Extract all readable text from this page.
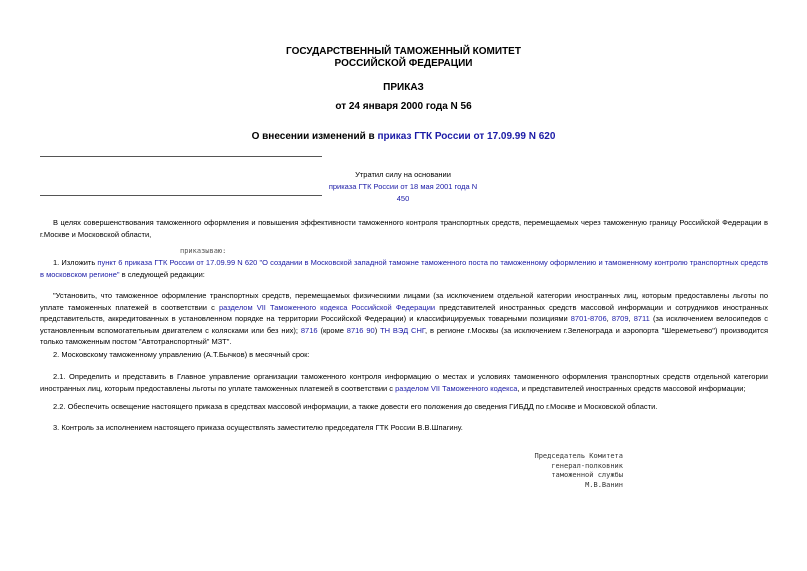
ГОСУДАРСТВЕННЫЙ ТАМОЖЕННЫЙ КОМИТЕТ
РОССИЙСКОЙ ФЕДЕРАЦИИ
ПРИКАЗ
от 24 января 2000 года N 56
О внесении изменений в приказ ГТК России от 17.09.99 N 620
Утратил силу на основании
приказа ГТК России от 18 мая 2001 года N 450
В целях совершенствования таможенного оформления и повышения эффективности таможенного контроля транспортных средств, перемещаемых через таможенную границу Российской Федерации в г.Москве и Московской области,
приказываю:
1. Изложить пункт 6 приказа ГТК России от 17.09.99 N 620 "О создании в Московской западной таможне таможенного поста по таможенному оформлению и таможенному контролю транспортных средств в московском регионе" в следующей редакции:
"Установить, что таможенное оформление транспортных средств, перемещаемых физическими лицами (за исключением отдельной категории иностранных лиц, которым предоставлены льготы по уплате таможенных платежей в соответствии с разделом VII Таможенного кодекса Российской Федерации представителей иностранных средств массовой информации и сотрудников иностранных представительств, аккредитованных в установленном порядке на территории Российской Федерации) и классифицируемых товарными позициями 8701-8706, 8709, 8711 (за исключением велосипедов с установленным вспомогательным двигателем с колясками или без них); 8716 (кроме 8716 90) ТН ВЭД СНГ, в регионе г.Москвы (за исключением г.Зеленограда и аэропорта "Шереметьево") производится только таможенным постом "Автотранспортный" МЗТ".
2. Московскому таможенному управлению (А.Т.Бычков) в месячный срок:
2.1. Определить и представить в Главное управление организации таможенного контроля информацию о местах и условиях таможенного оформления транспортных средств отдельной категории иностранных лиц, которым предоставлены льготы по уплате таможенных платежей в соответствии с разделом VII Таможенного кодекса, и представителей иностранных средств массовой информации;
2.2. Обеспечить освещение настоящего приказа в средствах массовой информации, а также довести его положения до сведения ГИБДД по г.Москве и Московской области.
3. Контроль за исполнением настоящего приказа осуществлять заместителю председателя ГТК России В.В.Шпагину.
Председатель Комитета
генерал-полковник
таможенной службы
М.В.Ванин
